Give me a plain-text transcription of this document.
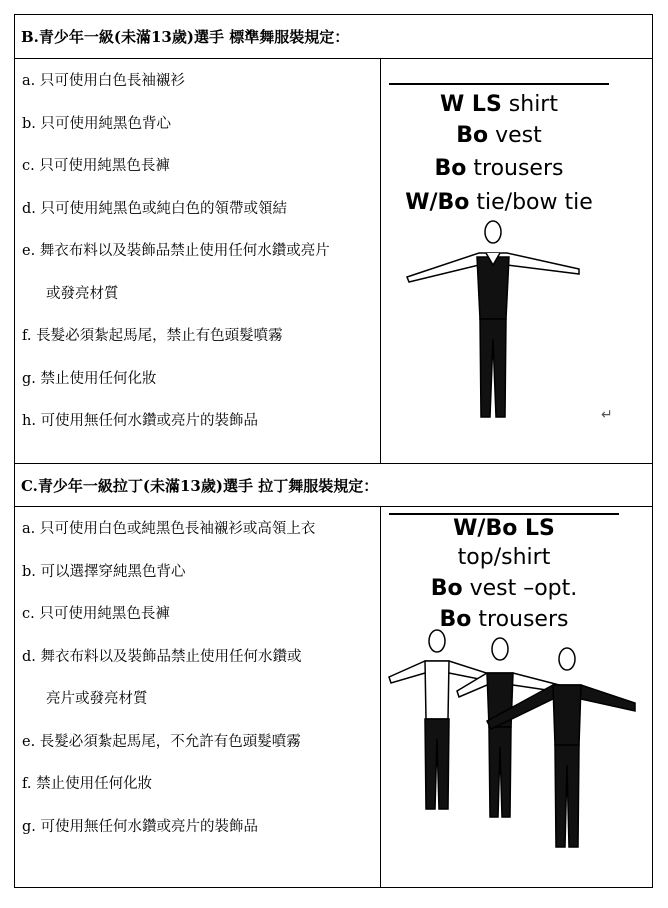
B.青少年一級(未滿13歲)選手 標準舞服裝規定：
a. 只可使用白色長袖襯衫
b. 只可使用純黑色背心
c. 只可使用純黑色長褲
d. 只可使用純黑色或純白色的領帶或領結
e. 舞衣布料以及裝飾品禁止使用任何水鑽或亮片
或發亮材質
f. 長髮必須紮起馬尾，禁止有色頭髮噴霧
g. 禁止使用任何化妝
h. 可使用無任何水鑽或亮片的裝飾品
W LS shirt
Bo vest
Bo trousers
W/Bo tie/bow tie
↵
C.青少年一級拉丁(未滿13歲)選手 拉丁舞服裝規定：
a. 只可使用白色或純黑色長袖襯衫或高領上衣
b. 可以選擇穿純黑色背心
c. 只可使用純黑色長褲
d. 舞衣布料以及裝飾品禁止使用任何水鑽或
亮片或發亮材質
e. 長髮必須紮起馬尾，不允許有色頭髮噴霧
f. 禁止使用任何化妝
g. 可使用無任何水鑽或亮片的裝飾品
W/Bo LS
top/shirt
Bo vest –opt.
Bo trousers
